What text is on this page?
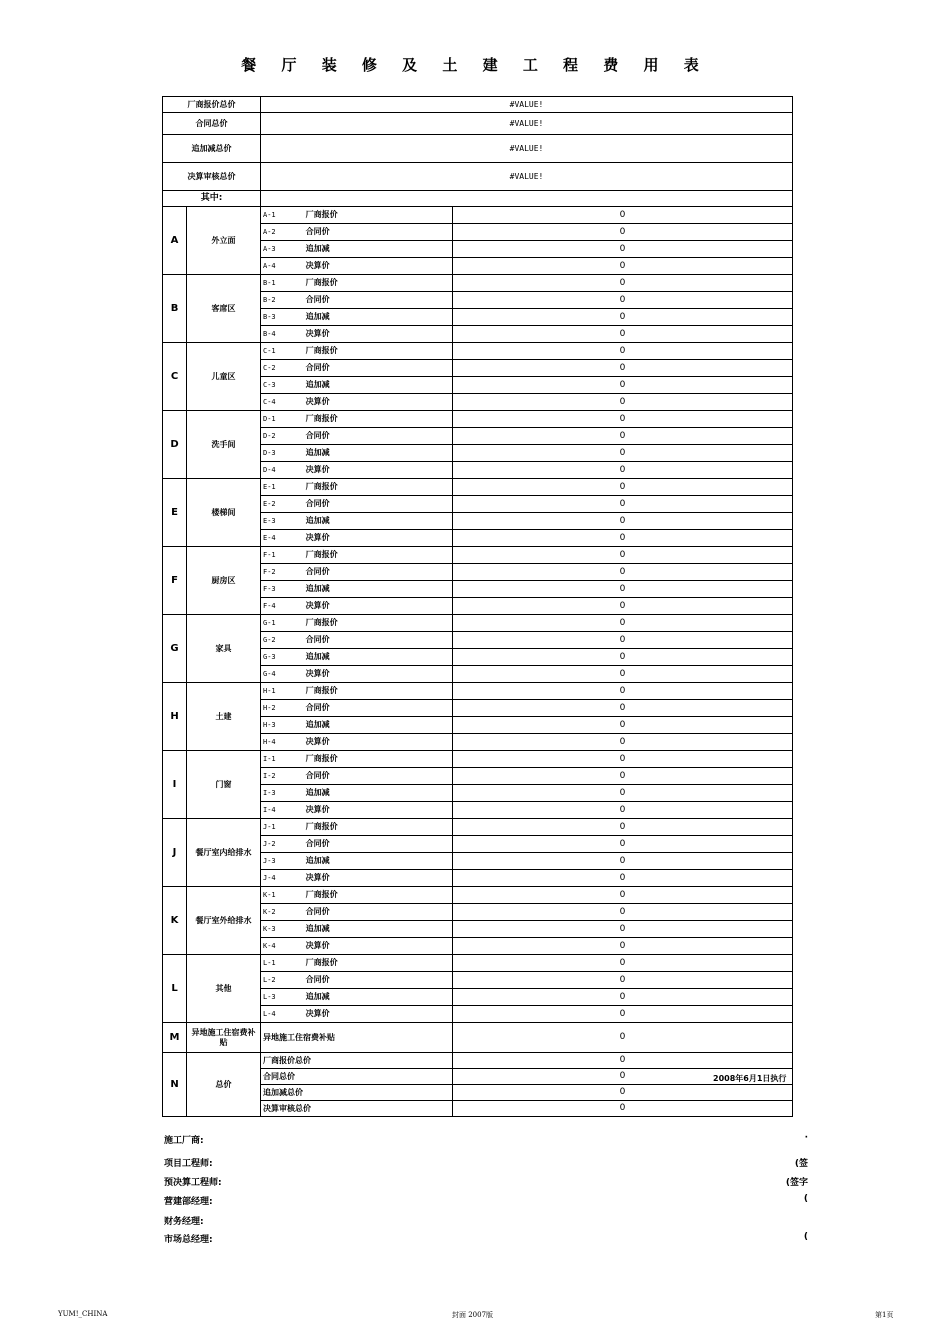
餐 厅 装 修 及 土 建 工 程 费 用 表
厂商报价总价		#VALUE!	
合同总价		#VALUE!	
追加减总价		#VALUE!	
决算审核总价		#VALUE!	
其中:			
A	外立面	A-1 厂商报价	0
		A-2 合同价	0
		A-3 追加减	0
		A-4 决算价	0
B	客席区	B-1 厂商报价	0
		B-2 合同价	0
		B-3 追加减	0
		B-4 决算价	0
C	儿童区	C-1 厂商报价	0
		C-2 合同价	0
		C-3 追加减	0
		C-4 决算价	0
D	洗手间	D-1 厂商报价	0
		D-2 合同价	0
		D-3 追加减	0
		D-4 决算价	0
E	楼梯间	E-1 厂商报价	0
		E-2 合同价	0
		E-3 追加减	0
		E-4 决算价	0
F	厨房区	F-1 厂商报价	0
		F-2 合同价	0
		F-3 追加减	0
		F-4 决算价	0
G	家具	G-1 厂商报价	0
		G-2 合同价	0
		G-3 追加减	0
		G-4 决算价	0
H	土建	H-1 厂商报价	0
		H-2 合同价	0
		H-3 追加减	0
		H-4 决算价	0
I	门窗	I-1 厂商报价	0
		I-2 合同价	0
		I-3 追加减	0
		I-4 决算价	0
J	餐厅室内给排水	J-1 厂商报价	0
		J-2 合同价	0
		J-3 追加减	0
		J-4 决算价	0
K	餐厅室外给排水	K-1 厂商报价	0
		K-2 合同价	0
		K-3 追加减	0
		K-4 决算价	0
L	其他	L-1 厂商报价	0
		L-2 合同价	0
		L-3 追加减	0
		L-4 决算价	0
M	异地施工住宿费补贴	异地施工住宿费补贴	0
N	总价	厂商报价总价	0
		合同总价	0
		追加减总价	0
		决算审核总价	0
2008年6月1日执行
施工厂商:	·
项目工程师:	(签
预决算工程师:	(签字
营建部经理:	(
财务经理:
市场总经理:	(
YUM!_CHINA	封面 2007版	第1页
